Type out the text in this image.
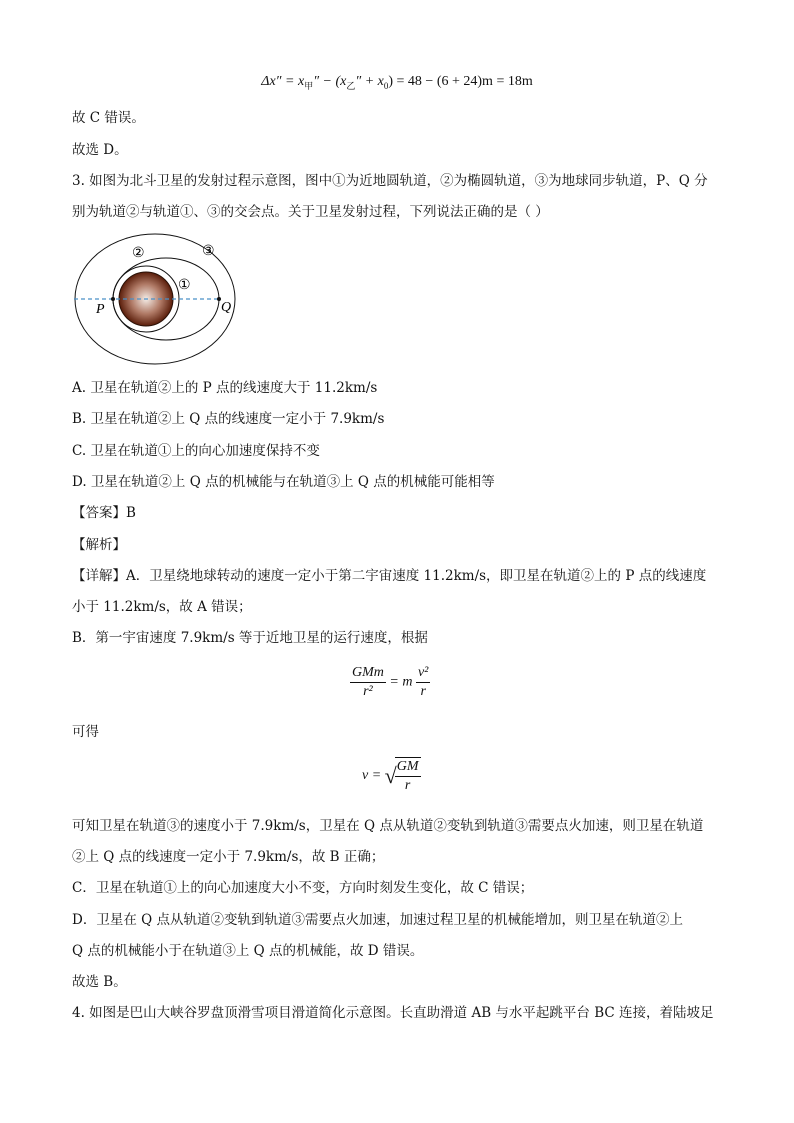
$\Delta x'' = x_甲'' - (x_乙'' + x_0) = 48 - (6 + 24)m = 18m$
故 C 错误。
故选 D。
3. 如图为北斗卫星的发射过程示意图，图中①为近地圆轨道，②为椭圆轨道，③为地球同步轨道，P、Q 分
别为轨道②与轨道①、③的交会点。关于卫星发射过程，下列说法正确的是（ ）
②	③
①
P	Q
A. 卫星在轨道②上的 P 点的线速度大于 11.2km/s
B. 卫星在轨道②上 Q 点的线速度一定小于 7.9km/s
C. 卫星在轨道①上的向心加速度保持不变
D. 卫星在轨道②上 Q 点的机械能与在轨道③上 Q 点的机械能可能相等
【答案】B
【解析】
【详解】A．卫星绕地球转动的速度一定小于第二宇宙速度 11.2km/s，即卫星在轨道②上的 P 点的线速度
小于 11.2km/s，故 A 错误；
B．第一宇宙速度 7.9km/s 等于近地卫星的运行速度，根据
$\frac{\text{GMm}}{\text{r²}} = m \frac{\text{v²}}{r}$
可得
v = √
$\frac{GM}{r}$
可知卫星在轨道③的速度小于 7.9km/s，卫星在 Q 点从轨道②变轨到轨道③需要点火加速，则卫星在轨道
②上 Q 点的线速度一定小于 7.9km/s，故 B 正确；
C．卫星在轨道①上的向心加速度大小不变，方向时刻发生变化，故 C 错误；
D．卫星在 Q 点从轨道②变轨到轨道③需要点火加速，加速过程卫星的机械能增加，则卫星在轨道②上
Q 点的机械能小于在轨道③上 Q 点的机械能，故 D 错误。
故选 B。
4. 如图是巴山大峡谷罗盘顶滑雪项目滑道简化示意图。长直助滑道 AB 与水平起跳平台 BC 连接，着陆坡足
